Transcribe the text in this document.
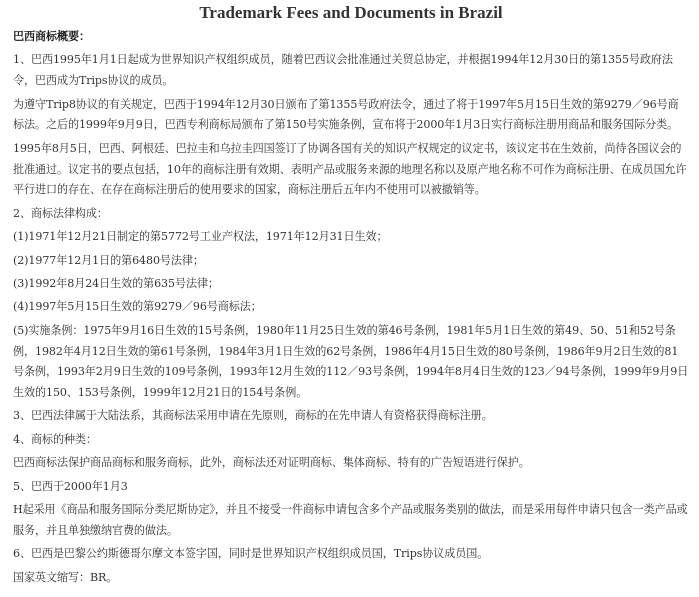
Trademark Fees and Documents in Brazil

巴西商标概要：

1、巴西1995年1月1日起成为世界知识产权组织成员，随着巴西议会批准通过关贸总协定，并根据1994年12月30日的第1355号政府法令，巴西成为Trips协议的成员。

为遵守Trip8协议的有关规定，巴西于1994年12月30日颁布了第1355号政府法令，通过了将于1997年5月15日生效的第9279／96号商标法。之后的1999年9月9日，巴西专利商标局颁布了第150号实施条例，宣布将于2000年1月3日实行商标注册用商品和服务国际分类。

1995年8月5日，巴西、阿根廷、巴拉圭和乌拉圭四国签订了协调各国有关的知识产权规定的议定书，该议定书在生效前，尚待各国议会的批准通过。议定书的要点包括，10年的商标注册有效期、表明产品或服务来源的地理名称以及原产地名称不可作为商标注册、在成员国允许平行进口的存在、在存在商标注册后的使用要求的国家，商标注册后五年内不使用可以被撤销等。

2、商标法律构成：

(1)1971年12月21日制定的第5772号工业产权法，1971年12月31日生效；

(2)1977年12月1日的第6480号法律；

(3)1992年8月24日生效的第635号法律；

(4)1997年5月15日生效的第9279／96号商标法；

(5)实施条例：1975年9月16日生效的15号条例，1980年11月25日生效的第46号条例，1981年5月1日生效的第49、50、51和52号条例，1982年4月12日生效的第61号条例，1984年3月1日生效的62号条例，1986年4月15日生效的80号条例，1986年9月2日生效的81号条例，1993年2月9日生效的109号条例，1993年12月生效的112／93号条例，1994年8月4日生效的123／94号条例，1999年9月9日生效的150、153号条例，1999年12月21日的154号条例。

3、巴西法律属于大陆法系，其商标法采用申请在先原则，商标的在先申请人有资格获得商标注册。

4、商标的种类：

巴西商标法保护商品商标和服务商标，此外，商标法还对证明商标、集体商标、特有的广告短语进行保护。

5、巴西于2000年1月3

H起采用《商品和服务国际分类尼斯协定》，并且不接受一件商标申请包含多个产品或服务类别的做法，而是采用每件申请只包含一类产品或服务，并且单独缴纳官费的做法。

6、巴西是巴黎公约斯德哥尔摩文本签字国，同时是世界知识产权组织成员国，Trips协议成员国。

国家英文缩写：BR。
